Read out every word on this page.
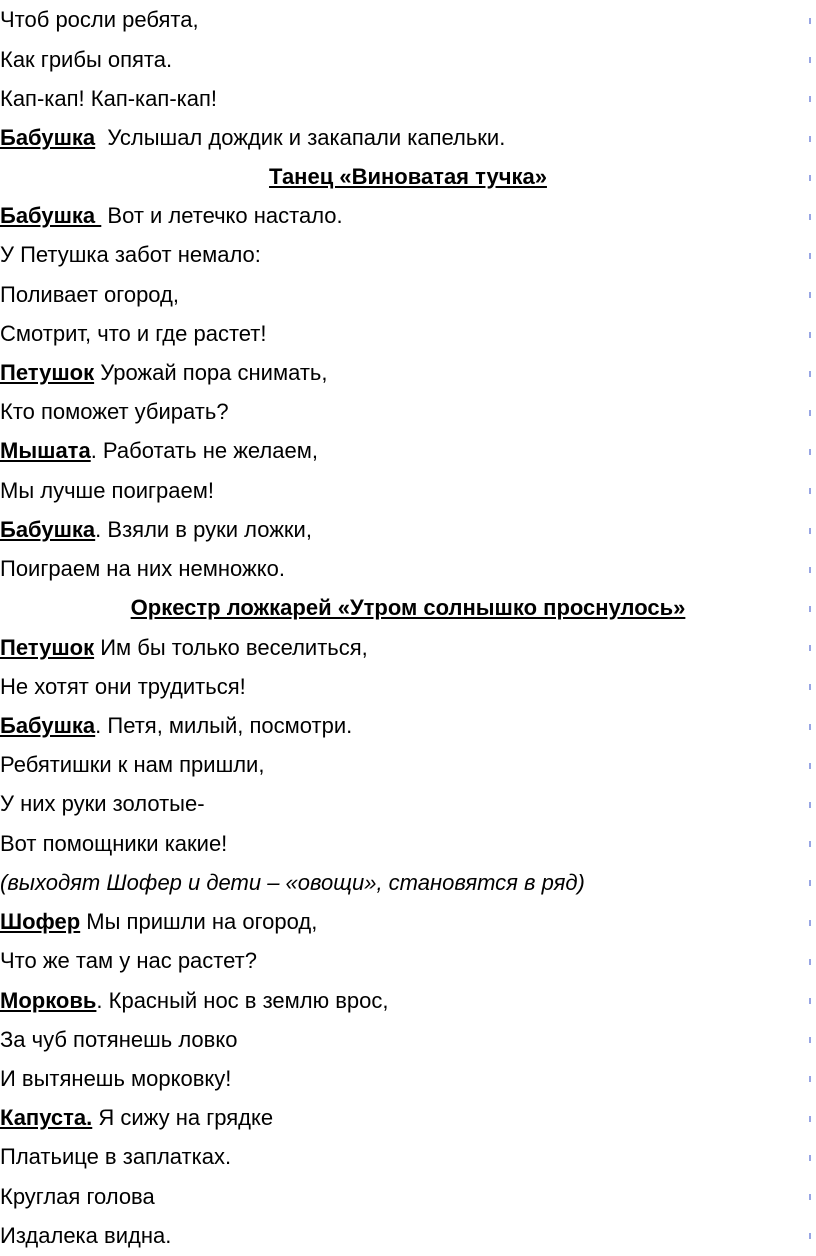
Чтоб росли ребята,
Как грибы опята.
Кап-кап! Кап-кап-кап!
Бабушка  Услышал дождик и закапали капельки.
Танец «Виноватая тучка»
Бабушка  Вот и летечко настало.
У Петушка забот немало:
Поливает огород,
Смотрит, что и где растет!
Петушок Урожай пора снимать,
Кто поможет убирать?
Мышата. Работать не желаем,
Мы лучше поиграем!
Бабушка. Взяли в руки ложки,
Поиграем на них немножко.
Оркестр ложкарей «Утром солнышко проснулось»
Петушок Им бы только веселиться,
Не хотят они трудиться!
Бабушка. Петя, милый, посмотри.
Ребятишки к нам пришли,
У них руки золотые-
Вот помощники какие!
(выходят Шофер и дети – «овощи», становятся в ряд)
Шофер Мы пришли на огород,
Что же там у нас растет?
Морковь. Красный нос в землю врос,
За чуб потянешь ловко
И вытянешь морковку!
Капуста. Я сижу на грядке
Платьице в заплатках.
Круглая голова
Издалека видна.
